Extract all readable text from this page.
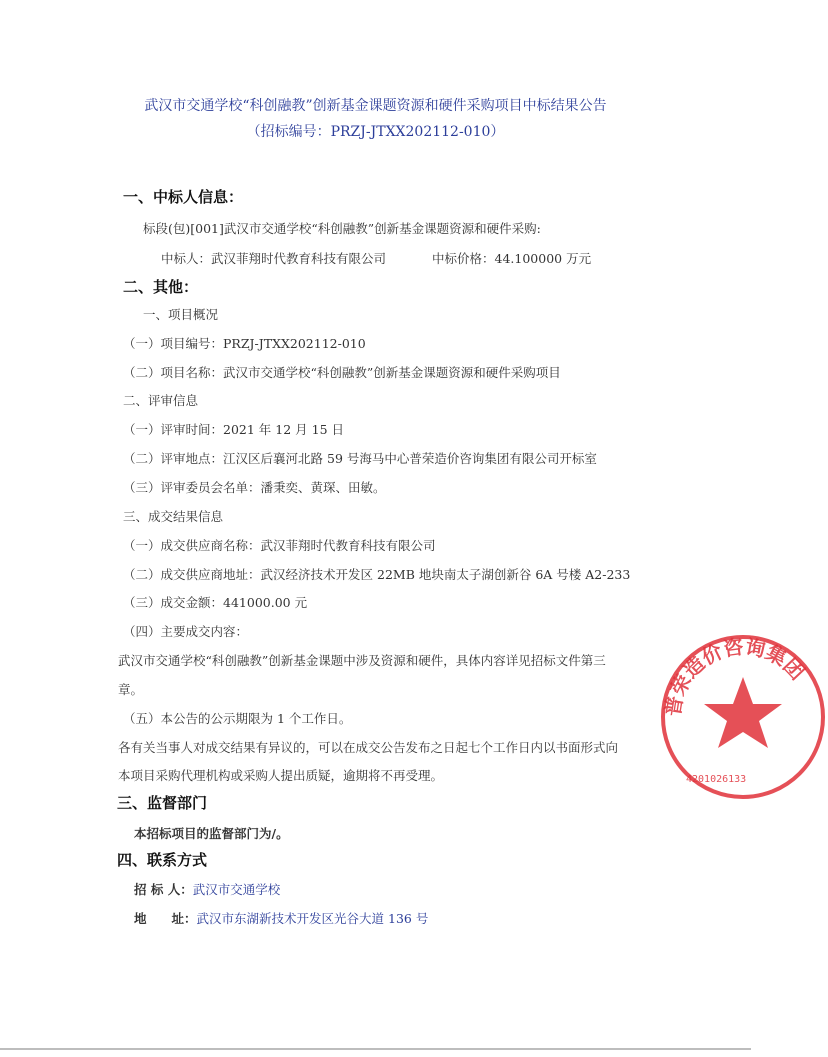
武汉市交通学校“科创融教”创新基金课题资源和硬件采购项目中标结果公告
（招标编号：PRZJ-JTXX202112-010）
一、中标人信息：
标段(包)[001]武汉市交通学校“科创融教”创新基金课题资源和硬件采购:
中标人：武汉菲翔时代教育科技有限公司	中标价格：44.100000 万元
二、其他：
一、项目概况
（一）项目编号：PRZJ-JTXX202112-010
（二）项目名称：武汉市交通学校“科创融教”创新基金课题资源和硬件采购项目
二、评审信息
（一）评审时间：2021 年 12 月 15 日
（二）评审地点：江汉区后襄河北路 59 号海马中心普荣造价咨询集团有限公司开标室
（三）评审委员会名单：潘秉奕、黄琛、田敏。
三、成交结果信息
（一）成交供应商名称：武汉菲翔时代教育科技有限公司
（二）成交供应商地址：武汉经济技术开发区 22MB 地块南太子湖创新谷 6A 号楼 A2-233
（三）成交金额：441000.00 元
（四）主要成交内容：
武汉市交通学校“科创融教”创新基金课题中涉及资源和硬件，具体内容详见招标文件第三
章。
（五）本公告的公示期限为 1 个工作日。
各有关当事人对成交结果有异议的，可以在成交公告发布之日起七个工作日内以书面形式向
本项目采购代理机构或采购人提出质疑，逾期将不再受理。
三、监督部门
本招标项目的监督部门为/。
四、联系方式
招 标 人：武汉市交通学校
地　　址：武汉市东湖新技术开发区光谷大道 136 号
普荣造价咨询集团
4201026133
